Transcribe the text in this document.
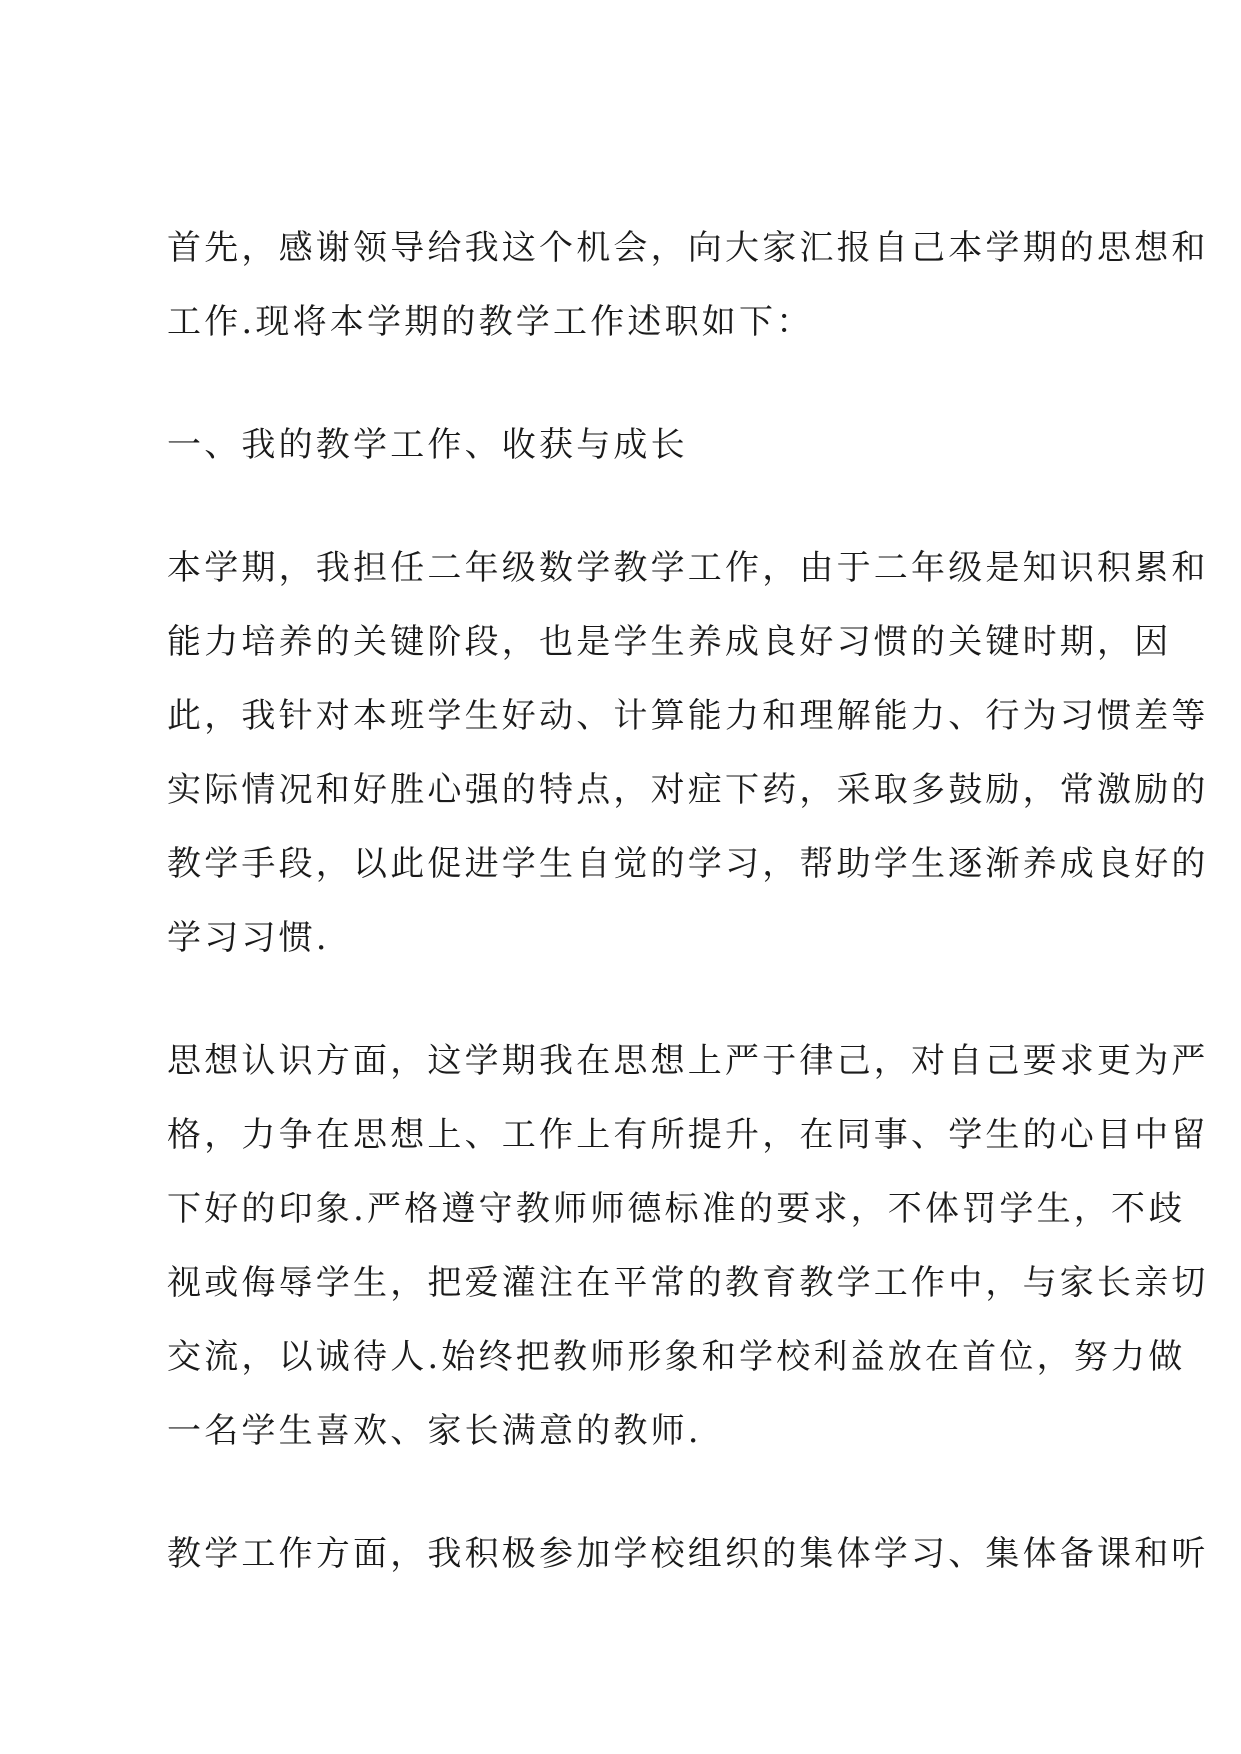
首先，感谢领导给我这个机会，向大家汇报自己本学期的思想和
工作.现将本学期的教学工作述职如下：
一、我的教学工作、收获与成长
本学期，我担任二年级数学教学工作，由于二年级是知识积累和
能力培养的关键阶段，也是学生养成良好习惯的关键时期，因
此，我针对本班学生好动、计算能力和理解能力、行为习惯差等
实际情况和好胜心强的特点，对症下药，采取多鼓励，常激励的
教学手段，以此促进学生自觉的学习，帮助学生逐渐养成良好的
学习习惯.
思想认识方面，这学期我在思想上严于律己，对自己要求更为严
格，力争在思想上、工作上有所提升，在同事、学生的心目中留
下好的印象.严格遵守教师师德标准的要求，不体罚学生，不歧
视或侮辱学生，把爱灌注在平常的教育教学工作中，与家长亲切
交流，以诚待人.始终把教师形象和学校利益放在首位，努力做
一名学生喜欢、家长满意的教师.
教学工作方面，我积极参加学校组织的集体学习、集体备课和听
